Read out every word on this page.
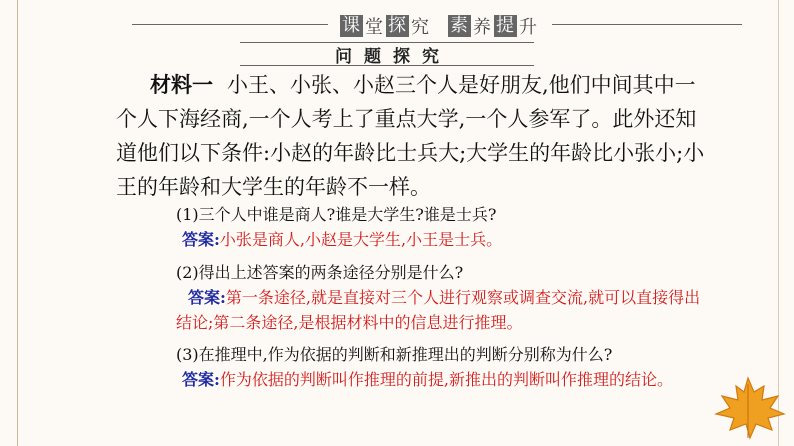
课 堂 探 究 素 养 提 升
问题探究
材料一 小王、小张、小赵三个人是好朋友,他们中间其中一个人下海经商,一个人考上了重点大学,一个人参军了。此外还知道他们以下条件:小赵的年龄比士兵大;大学生的年龄比小张小;小王的年龄和大学生的年龄不一样。
(1)三个人中谁是商人?谁是大学生?谁是士兵?
答案:小张是商人,小赵是大学生,小王是士兵。
(2)得出上述答案的两条途径分别是什么?
答案:第一条途径,就是直接对三个人进行观察或调查交流,就可以直接得出结论;第二条途径,是根据材料中的信息进行推理。
(3)在推理中,作为依据的判断和新推理出的判断分别称为什么?
答案:作为依据的判断叫作推理的前提,新推出的判断叫作推理的结论。
